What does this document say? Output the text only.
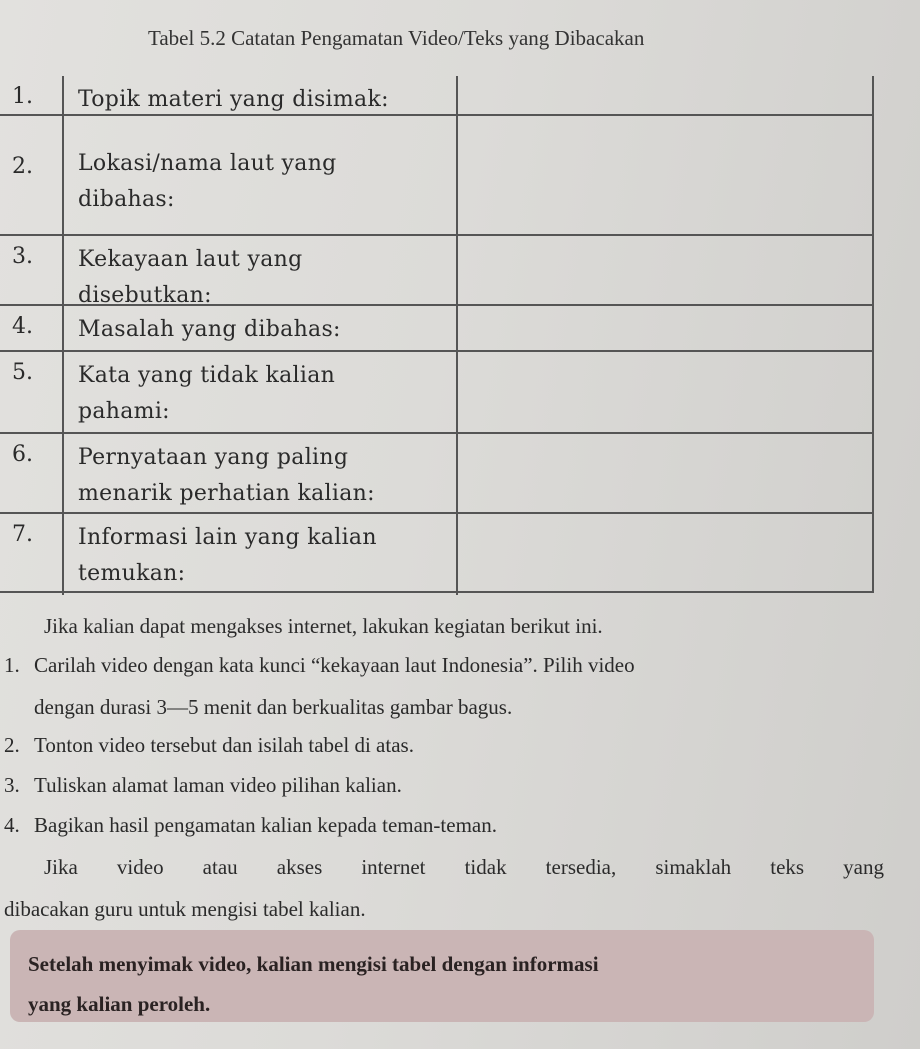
Tabel 5.2 Catatan Pengamatan Video/Teks yang Dibacakan
1. Topik materi yang disimak:
2. Lokasi/nama laut yang
dibahas:
3. Kekayaan laut yang
disebutkan:
4. Masalah yang dibahas:
5. Kata yang tidak kalian
pahami:
6. Pernyataan yang paling
menarik perhatian kalian:
7. Informasi lain yang kalian
temukan:
Jika kalian dapat mengakses internet, lakukan kegiatan berikut ini.
1. Carilah video dengan kata kunci “kekayaan laut Indonesia”. Pilih video
dengan durasi 3—5 menit dan berkualitas gambar bagus.
2. Tonton video tersebut dan isilah tabel di atas.
3. Tuliskan alamat laman video pilihan kalian.
4. Bagikan hasil pengamatan kalian kepada teman-teman.
Jika video atau akses internet tidak tersedia, simaklah teks yang
dibacakan guru untuk mengisi tabel kalian.
Setelah menyimak video, kalian mengisi tabel dengan informasi
yang kalian peroleh.
